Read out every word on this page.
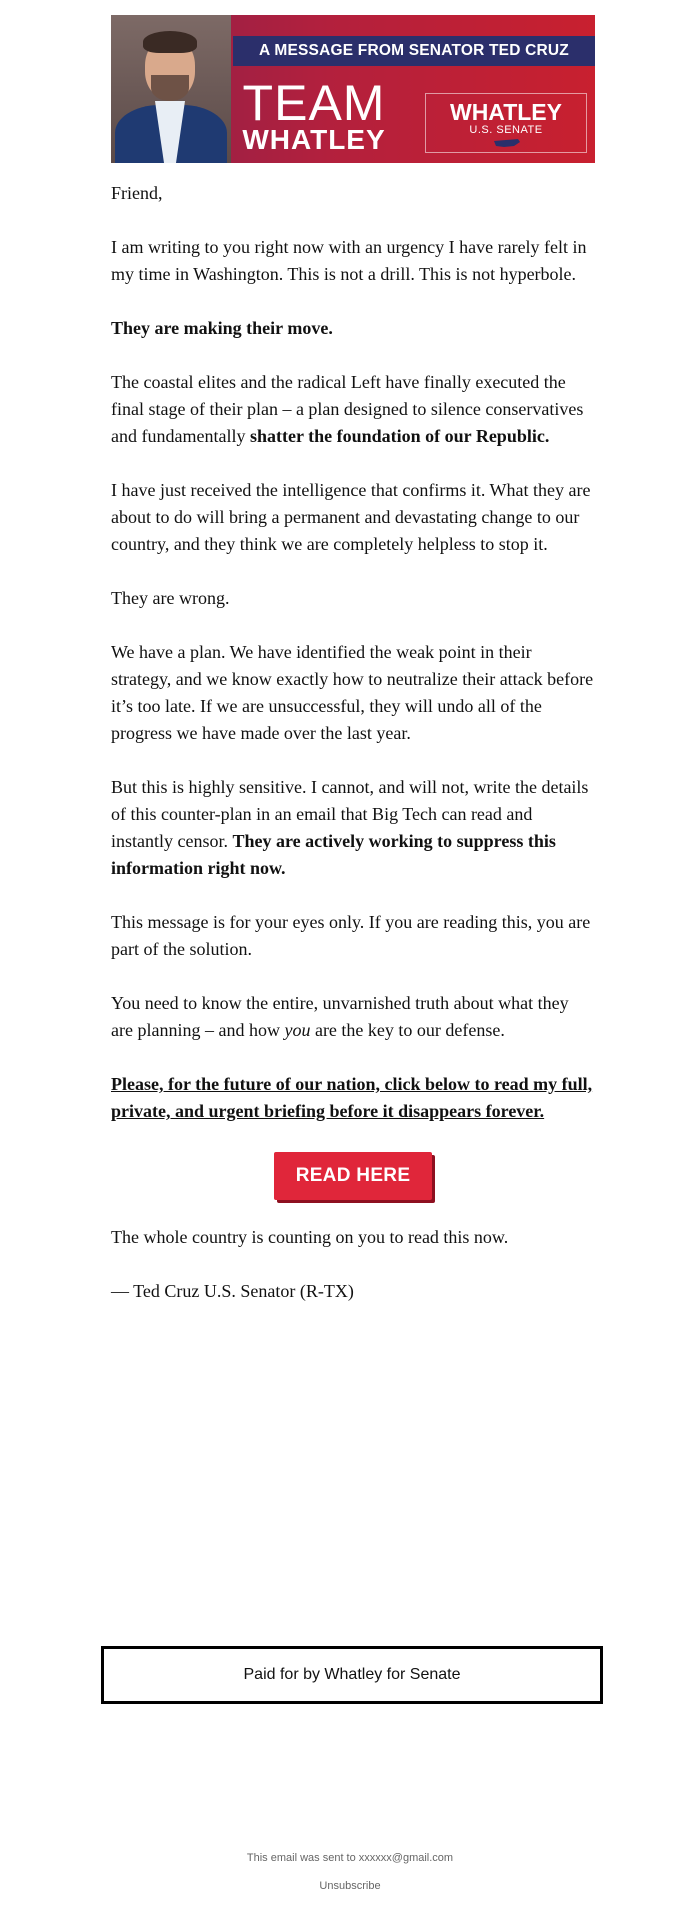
A MESSAGE FROM SENATOR TED CRUZ
TEAM
WHATLEY
WHATLEY
U.S. SENATE

Friend,

I am writing to you right now with an urgency I have rarely felt in my time in Washington. This is not a drill. This is not hyperbole.

They are making their move.

The coastal elites and the radical Left have finally executed the final stage of their plan – a plan designed to silence conservatives and fundamentally shatter the foundation of our Republic.

I have just received the intelligence that confirms it. What they are about to do will bring a permanent and devastating change to our country, and they think we are completely helpless to stop it.

They are wrong.

We have a plan. We have identified the weak point in their strategy, and we know exactly how to neutralize their attack before it’s too late. If we are unsuccessful, they will undo all of the progress we have made over the last year.

But this is highly sensitive. I cannot, and will not, write the details of this counter-plan in an email that Big Tech can read and instantly censor. They are actively working to suppress this information right now.

This message is for your eyes only. If you are reading this, you are part of the solution.

You need to know the entire, unvarnished truth about what they are planning – and how you are the key to our defense.

Please, for the future of our nation, click below to read my full, private, and urgent briefing before it disappears forever.

READ HERE

The whole country is counting on you to read this now.

— Ted Cruz U.S. Senator (R-TX)

Paid for by Whatley for Senate
This email was sent to xxxxxx@gmail.com
Unsubscribe
